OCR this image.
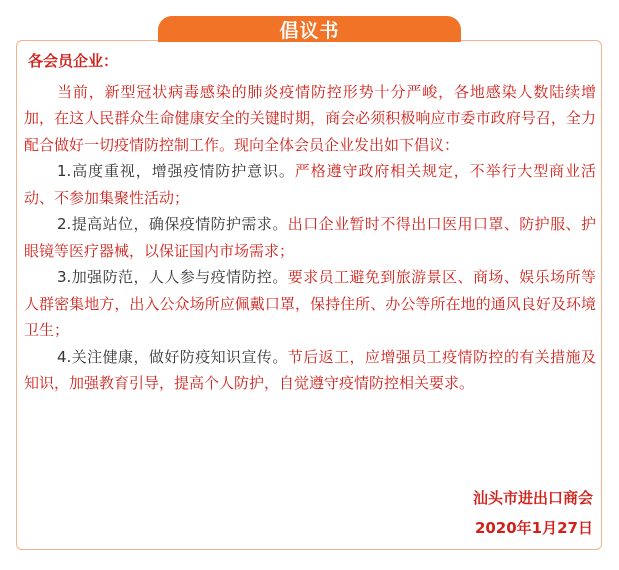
倡议书
各会员企业：

当前，新型冠状病毒感染的肺炎疫情防控形势十分严峻，各地感染人数陆续增加，在这人民群众生命健康安全的关键时期，商会必须积极响应市委市政府号召，全力配合做好一切疫情防控制工作。现向全体会员企业发出如下倡议：

1.高度重视，增强疫情防护意识。严格遵守政府相关规定，不举行大型商业活动、不参加集聚性活动；

2.提高站位，确保疫情防护需求。出口企业暂时不得出口医用口罩、防护服、护眼镜等医疗器械，以保证国内市场需求；

3.加强防范，人人参与疫情防控。要求员工避免到旅游景区、商场、娱乐场所等人群密集地方，出入公众场所应佩戴口罩，保持住所、办公等所在地的通风良好及环境卫生；

4.关注健康，做好防疫知识宣传。节后返工，应增强员工疫情防控的有关措施及知识，加强教育引导，提高个人防护，自觉遵守疫情防控相关要求。

汕头市进出口商会
2020年1月27日
